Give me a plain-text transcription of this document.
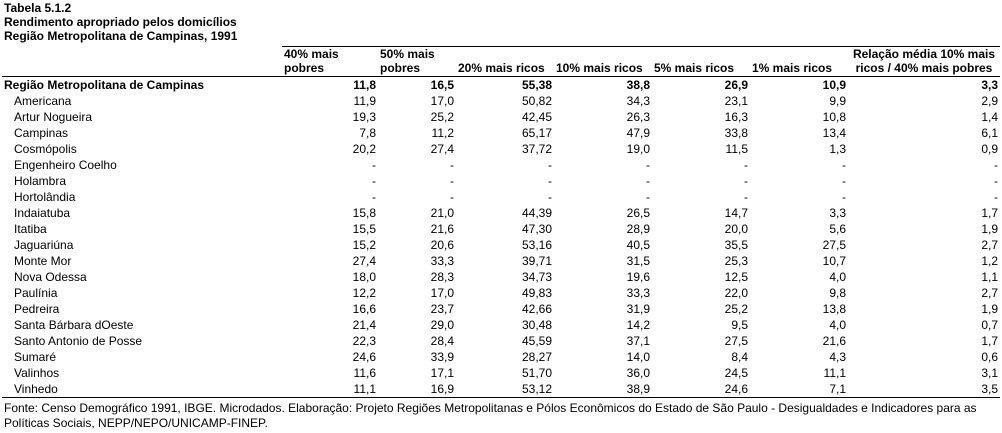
Tabela 5.1.2
Rendimento apropriado pelos domicílios
Região Metropolitana de Campinas, 1991
	40% mais pobres	50% mais pobres	20% mais ricos	10% mais ricos	5% mais ricos	1% mais ricos	Relação média 10% mais ricos / 40% mais pobres
Região Metropolitana de Campinas	11,8	16,5	55,38	38,8	26,9	10,9	3,3
Americana	11,9	17,0	50,82	34,3	23,1	9,9	2,9
Artur Nogueira	19,3	25,2	42,45	26,3	16,3	10,8	1,4
Campinas	7,8	11,2	65,17	47,9	33,8	13,4	6,1
Cosmópolis	20,2	27,4	37,72	19,0	11,5	1,3	0,9
Engenheiro Coelho	-	-	-	-	-	-	-
Holambra	-	-	-	-	-	-	-
Hortolândia	-	-	-	-	-	-	-
Indaiatuba	15,8	21,0	44,39	26,5	14,7	3,3	1,7
Itatiba	15,5	21,6	47,30	28,9	20,0	5,6	1,9
Jaguariúna	15,2	20,6	53,16	40,5	35,5	27,5	2,7
Monte Mor	27,4	33,3	39,71	31,5	25,3	10,7	1,2
Nova Odessa	18,0	28,3	34,73	19,6	12,5	4,0	1,1
Paulínia	12,2	17,0	49,83	33,3	22,0	9,8	2,7
Pedreira	16,6	23,7	42,66	31,9	25,2	13,8	1,9
Santa Bárbara dOeste	21,4	29,0	30,48	14,2	9,5	4,0	0,7
Santo Antonio de Posse	22,3	28,4	45,59	37,1	27,5	21,6	1,7
Sumaré	24,6	33,9	28,27	14,0	8,4	4,3	0,6
Valinhos	11,6	17,1	51,70	36,0	24,5	11,1	3,1
Vinhedo	11,1	16,9	53,12	38,9	24,6	7,1	3,5
Fonte: Censo Demográfico 1991, IBGE. Microdados. Elaboração: Projeto Regiões Metropolitanas e Pólos Econômicos do Estado de São Paulo - Desigualdades e Indicadores para as Políticas Sociais, NEPP/NEPO/UNICAMP-FINEP.
